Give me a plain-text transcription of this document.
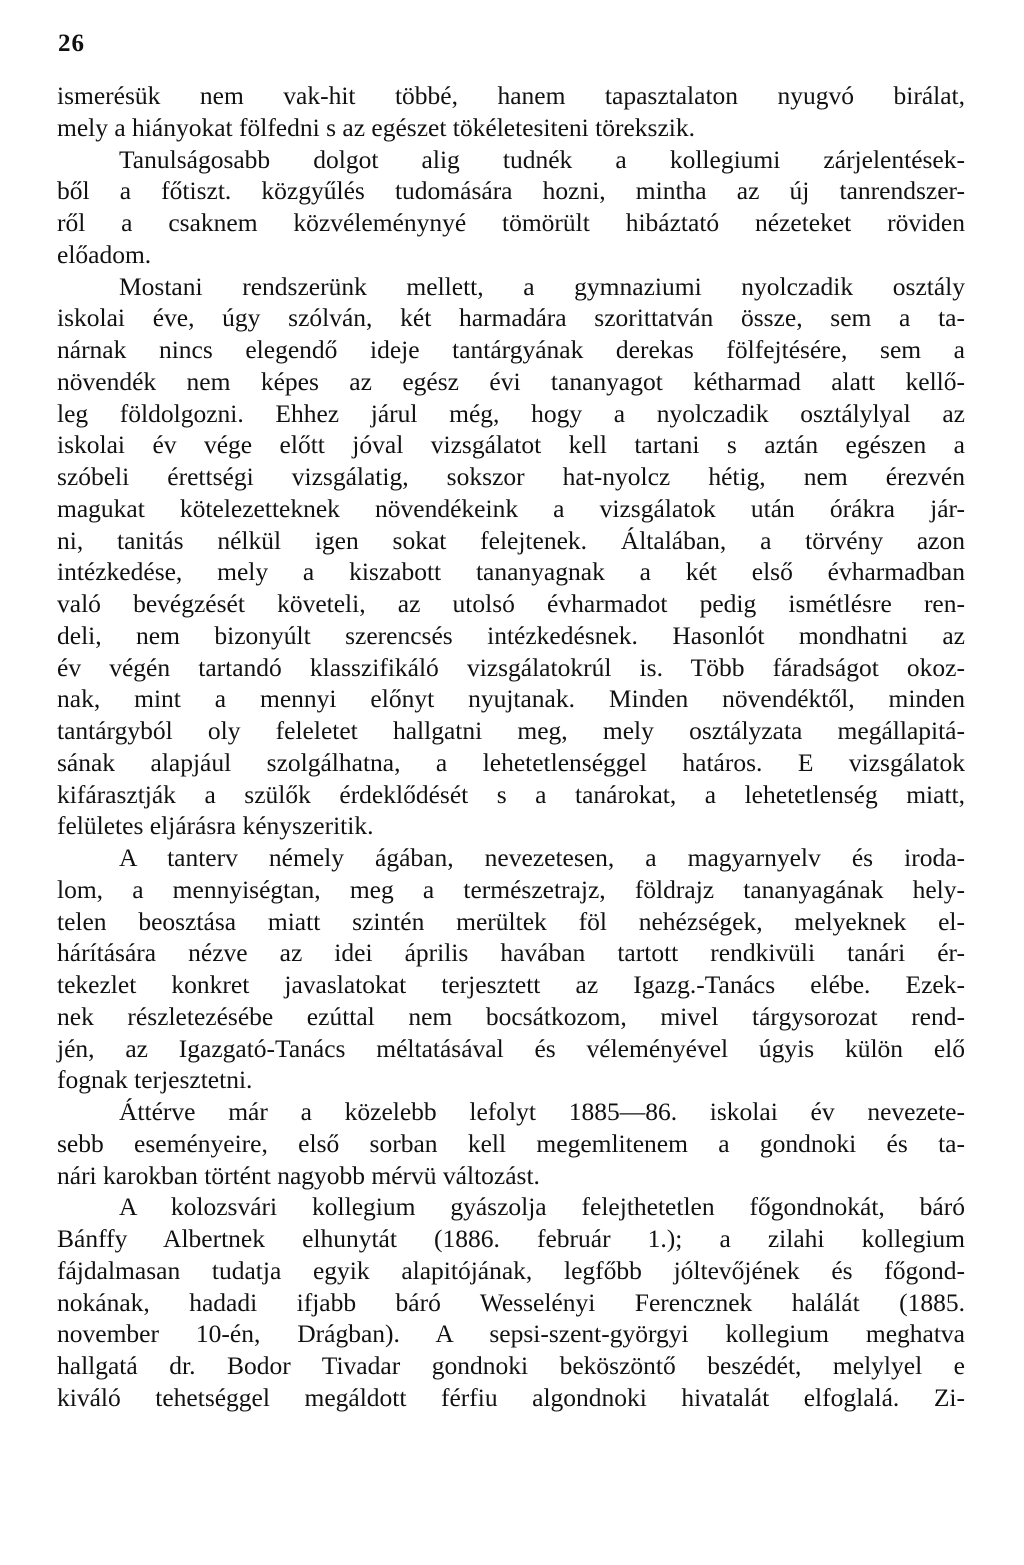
26
ismerésük nem vak-hit többé, hanem tapasztalaton nyugvó birálat,
mely a hiányokat fölfedni s az egészet tökéletesiteni törekszik.
Tanulságosabb dolgot alig tudnék a kollegiumi zárjelentések-
ből a főtiszt. közgyűlés tudomására hozni, mintha az új tanrendszer-
ről a csaknem közvéleménynyé tömörült hibáztató nézeteket röviden
előadom.
Mostani rendszerünk mellett, a gymnaziumi nyolczadik osztály
iskolai éve, úgy szólván, két harmadára szorittatván össze, sem a ta-
nárnak nincs elegendő ideje tantárgyának derekas fölfejtésére, sem a
növendék nem képes az egész évi tananyagot kétharmad alatt kellő-
leg földolgozni. Ehhez járul még, hogy a nyolczadik osztálylyal az
iskolai év vége előtt jóval vizsgálatot kell tartani s aztán egészen a
szóbeli érettségi vizsgálatig, sokszor hat-nyolcz hétig, nem érezvén
magukat kötelezetteknek növendékeink a vizsgálatok után órákra jár-
ni, tanitás nélkül igen sokat felejtenek. Általában, a törvény azon
intézkedése, mely a kiszabott tananyagnak a két első évharmadban
való bevégzését követeli, az utolsó évharmadot pedig ismétlésre ren-
deli, nem bizonyúlt szerencsés intézkedésnek. Hasonlót mondhatni az
év végén tartandó klasszifikáló vizsgálatokrúl is. Több fáradságot okoz-
nak, mint a mennyi előnyt nyujtanak. Minden növendéktől, minden
tantárgyból oly feleletet hallgatni meg, mely osztályzata megállapitá-
sának alapjául szolgálhatna, a lehetetlenséggel határos. E vizsgálatok
kifárasztják a szülők érdeklődését s a tanárokat, a lehetetlenség miatt,
felületes eljárásra kényszeritik.
A tanterv némely ágában, nevezetesen, a magyarnyelv és iroda-
lom, a mennyiségtan, meg a természetrajz, földrajz tananyagának hely-
telen beosztása miatt szintén merültek föl nehézségek, melyeknek el-
hárítására nézve az idei április havában tartott rendkivüli tanári ér-
tekezlet konkret javaslatokat terjesztett az Igazg.-Tanács elébe. Ezek-
nek részletezésébe ezúttal nem bocsátkozom, mivel tárgysorozat rend-
jén, az Igazgató-Tanács méltatásával és véleményével úgyis külön elő
fognak terjesztetni.
Áttérve már a közelebb lefolyt 1885—86. iskolai év nevezete-
sebb eseményeire, első sorban kell megemlitenem a gondnoki és ta-
nári karokban történt nagyobb mérvü változást.
A kolozsvári kollegium gyászolja felejthetetlen főgondnokát, báró
Bánffy Albertnek elhunytát (1886. február 1.); a zilahi kollegium
fájdalmasan tudatja egyik alapitójának, legfőbb jóltevőjének és főgond-
nokának, hadadi ifjabb báró Wesselényi Ferencznek halálát (1885.
november 10-én, Drágban). A sepsi-szent-györgyi kollegium meghatva
hallgatá dr. Bodor Tivadar gondnoki beköszöntő beszédét, melylyel e
kiváló tehetséggel megáldott férfiu algondnoki hivatalát elfoglalá. Zi-
